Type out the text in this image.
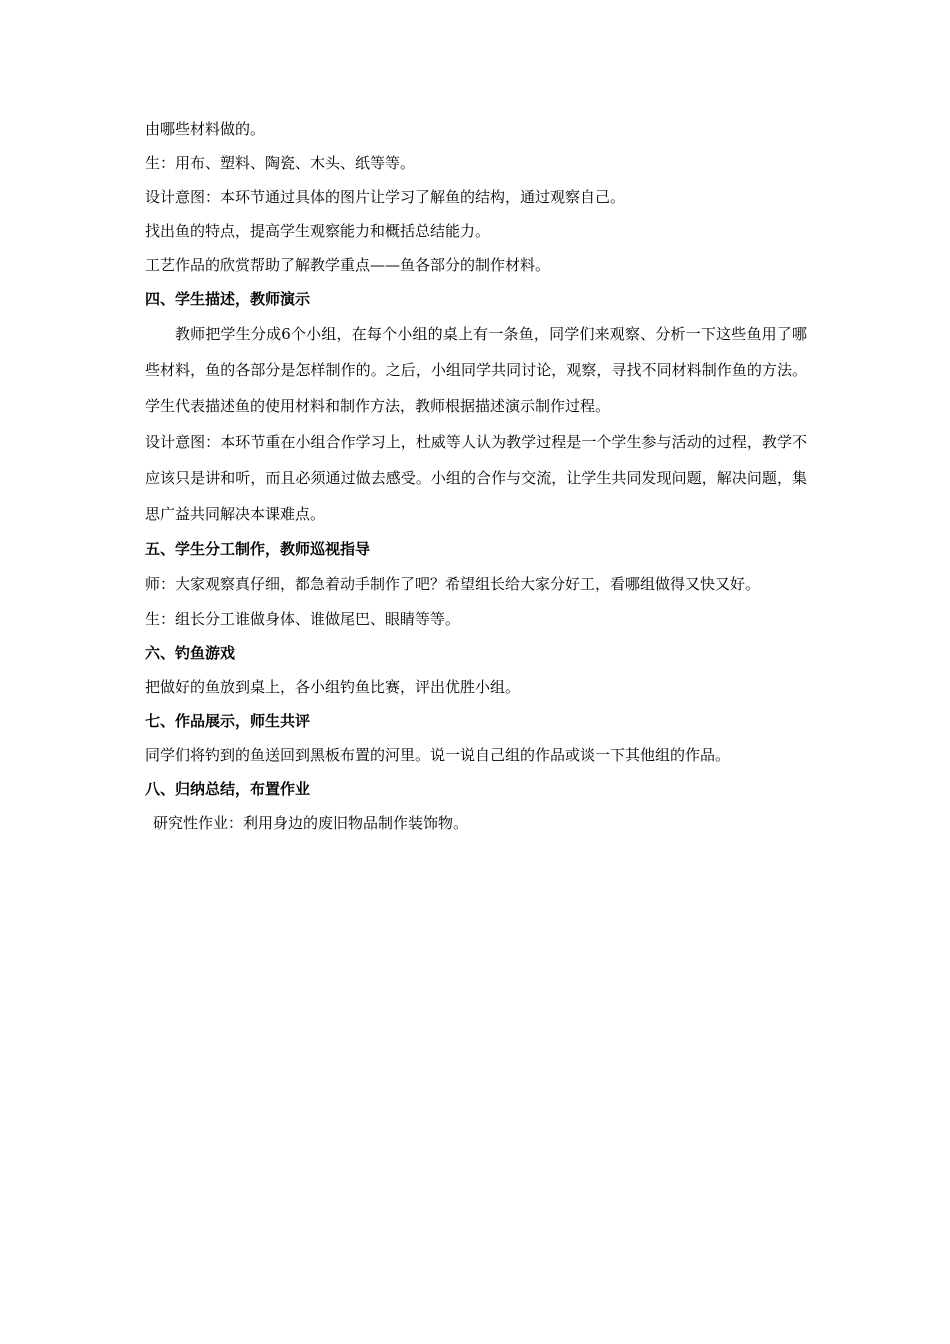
由哪些材料做的。
生：用布、塑料、陶瓷、木头、纸等等。
设计意图：本环节通过具体的图片让学习了解鱼的结构，通过观察自己。
找出鱼的特点，提高学生观察能力和概括总结能力。
工艺作品的欣赏帮助了解教学重点——鱼各部分的制作材料。
四、学生描述，教师演示

教师把学生分成6个小组，在每个小组的桌上有一条鱼，同学们来观察、分析一下这些鱼用了哪些材料，鱼的各部分是怎样制作的。之后，小组同学共同讨论，观察，寻找不同材料制作鱼的方法。学生代表描述鱼的使用材料和制作方法，教师根据描述演示制作过程。

设计意图：本环节重在小组合作学习上，杜威等人认为教学过程是一个学生参与活动的过程，教学不应该只是讲和听，而且必须通过做去感受。小组的合作与交流，让学生共同发现问题，解决问题，集思广益共同解决本课难点。

五、学生分工制作，教师巡视指导

师：大家观察真仔细，都急着动手制作了吧？希望组长给大家分好工，看哪组做得又快又好。

生：组长分工谁做身体、谁做尾巴、眼睛等等。
六、钓鱼游戏
把做好的鱼放到桌上，各小组钓鱼比赛，评出优胜小组。
七、作品展示，师生共评
同学们将钓到的鱼送回到黑板布置的河里。说一说自己组的作品或谈一下其他组的作品。
八、归纳总结，布置作业
研究性作业：利用身边的废旧物品制作装饰物。
